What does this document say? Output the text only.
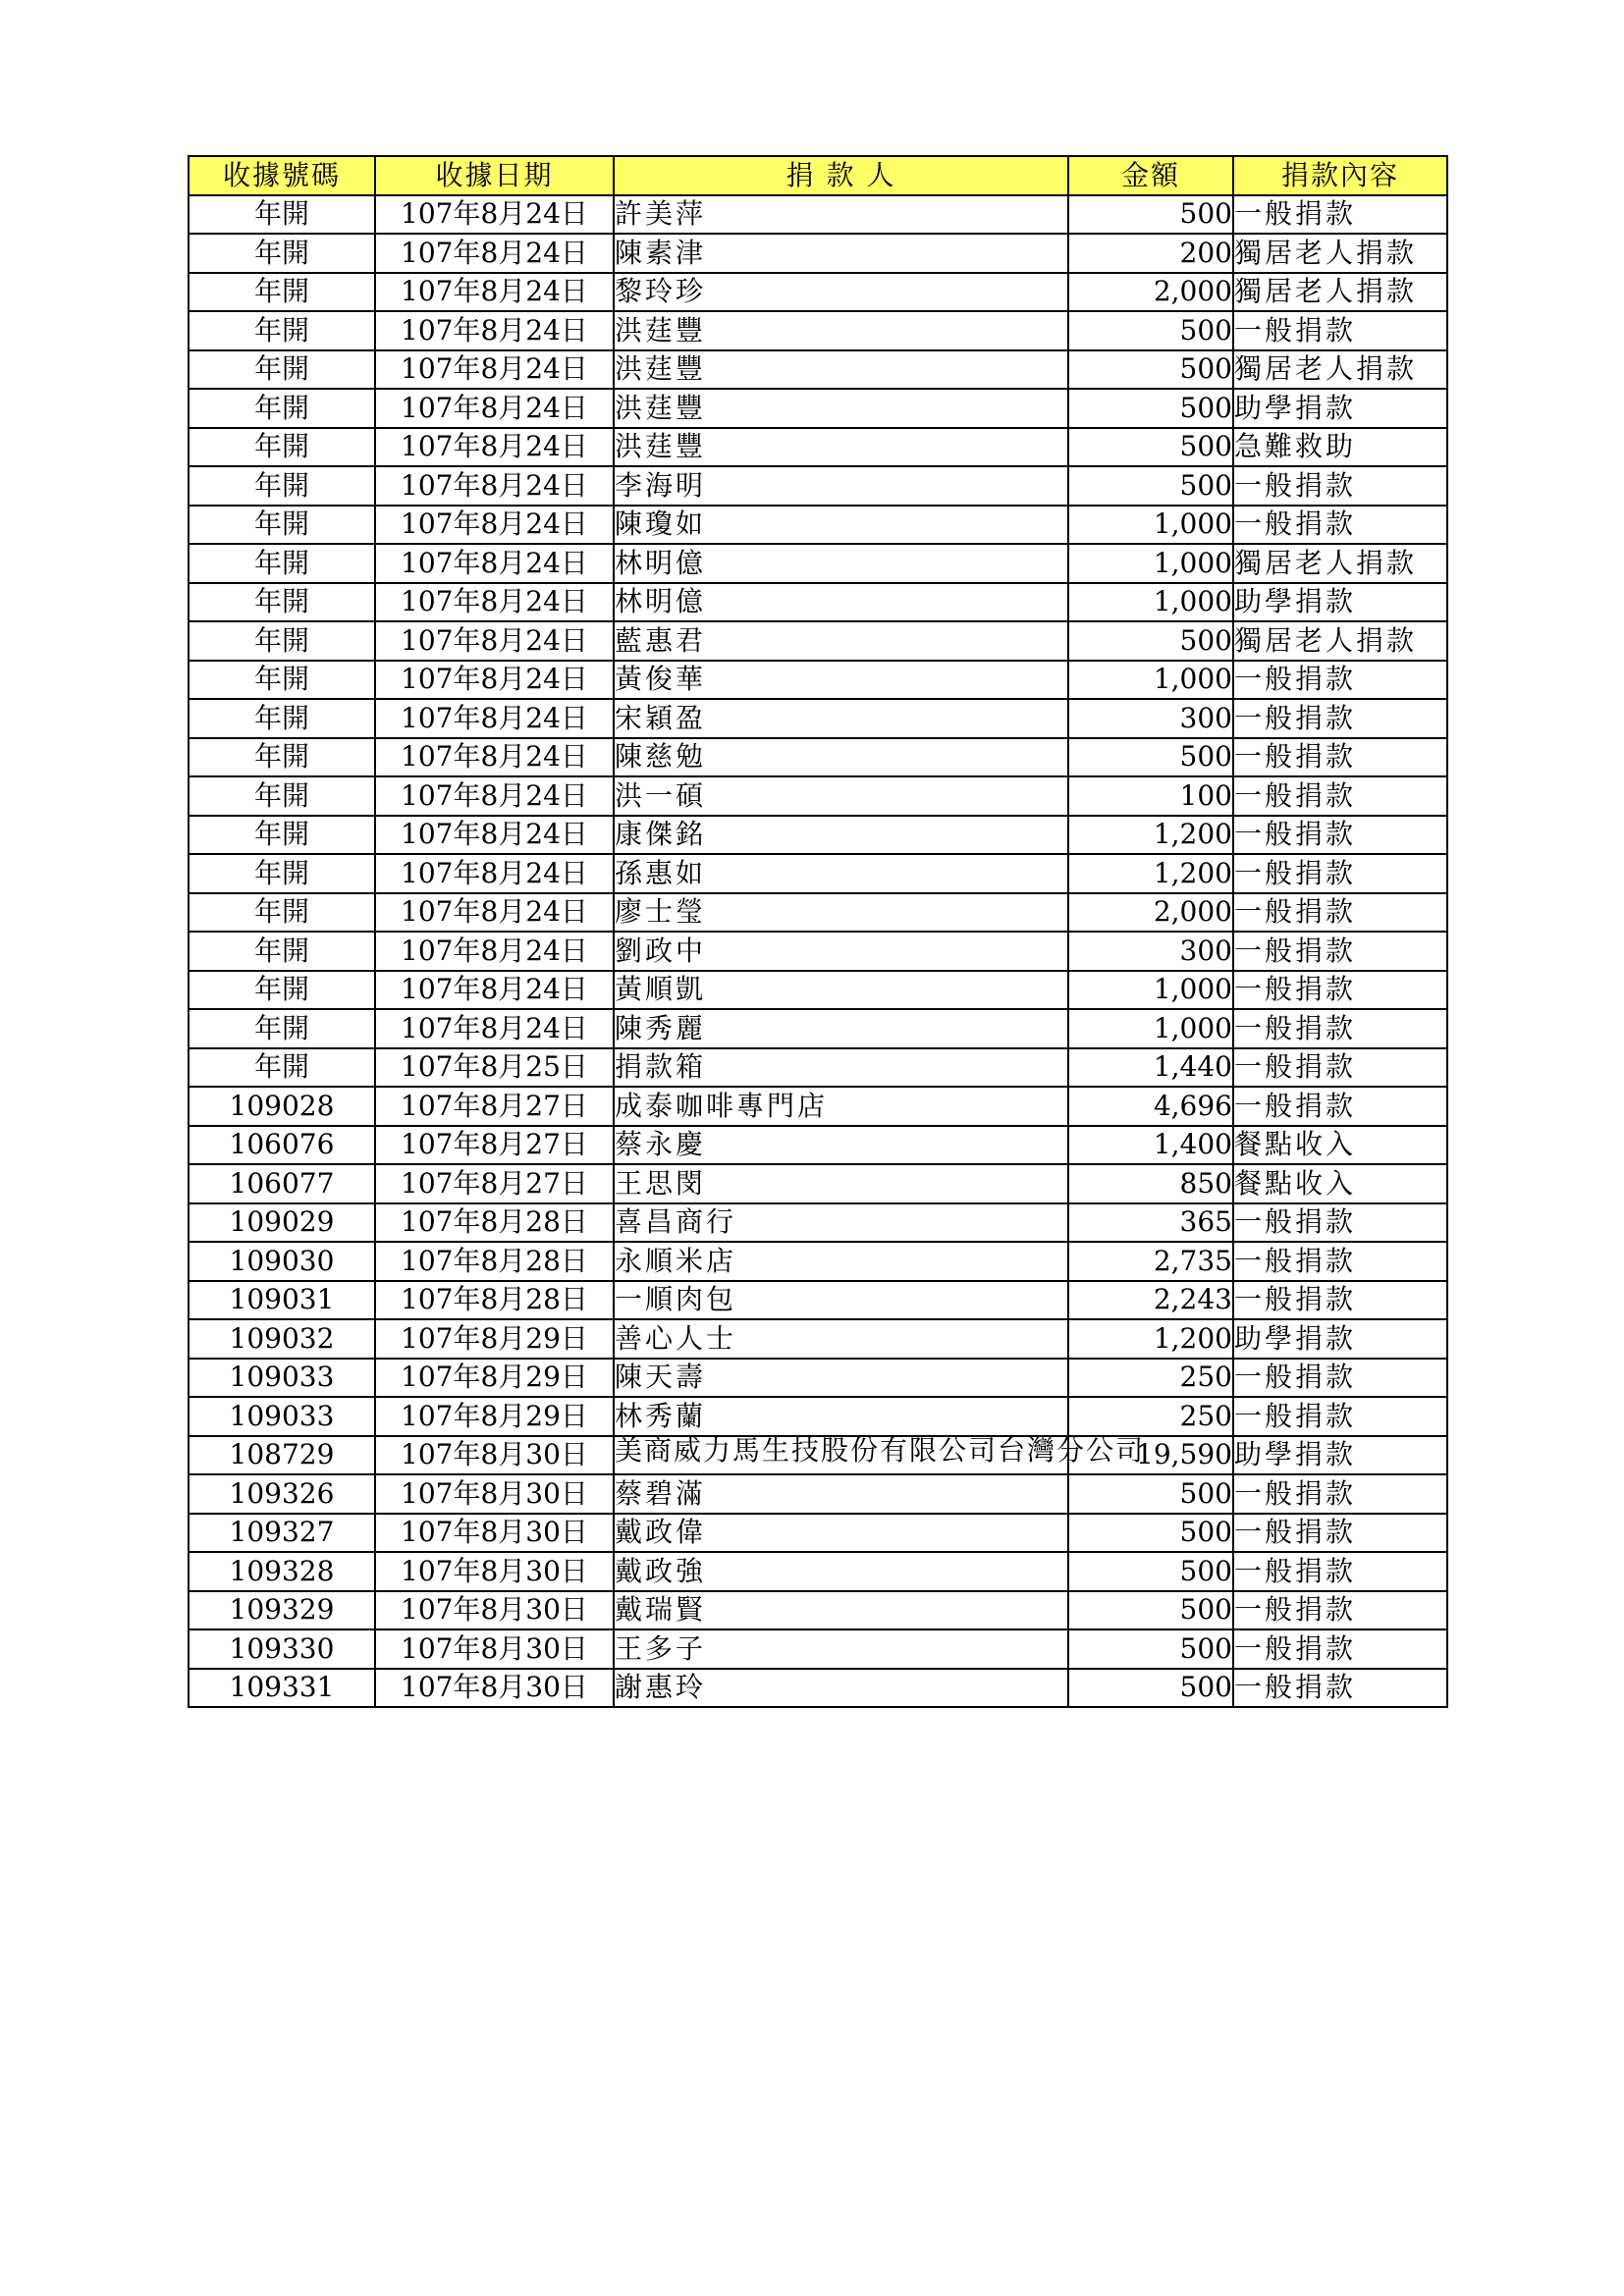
收據號碼	收據日期	捐 款 人	金額	捐款內容
年開	107年8月24日	許美萍	500	一般捐款
年開	107年8月24日	陳素津	200	獨居老人捐款
年開	107年8月24日	黎玲珍	2,000	獨居老人捐款
年開	107年8月24日	洪莛豐	500	一般捐款
年開	107年8月24日	洪莛豐	500	獨居老人捐款
年開	107年8月24日	洪莛豐	500	助學捐款
年開	107年8月24日	洪莛豐	500	急難救助
年開	107年8月24日	李海明	500	一般捐款
年開	107年8月24日	陳瓊如	1,000	一般捐款
年開	107年8月24日	林明億	1,000	獨居老人捐款
年開	107年8月24日	林明億	1,000	助學捐款
年開	107年8月24日	藍惠君	500	獨居老人捐款
年開	107年8月24日	黃俊華	1,000	一般捐款
年開	107年8月24日	宋穎盈	300	一般捐款
年開	107年8月24日	陳慈勉	500	一般捐款
年開	107年8月24日	洪一碩	100	一般捐款
年開	107年8月24日	康傑銘	1,200	一般捐款
年開	107年8月24日	孫惠如	1,200	一般捐款
年開	107年8月24日	廖士瑩	2,000	一般捐款
年開	107年8月24日	劉政中	300	一般捐款
年開	107年8月24日	黃順凱	1,000	一般捐款
年開	107年8月24日	陳秀麗	1,000	一般捐款
年開	107年8月25日	捐款箱	1,440	一般捐款
109028	107年8月27日	成泰咖啡專門店	4,696	一般捐款
106076	107年8月27日	蔡永慶	1,400	餐點收入
106077	107年8月27日	王思閔	850	餐點收入
109029	107年8月28日	喜昌商行	365	一般捐款
109030	107年8月28日	永順米店	2,735	一般捐款
109031	107年8月28日	一順肉包	2,243	一般捐款
109032	107年8月29日	善心人士	1,200	助學捐款
109033	107年8月29日	陳天壽	250	一般捐款
109033	107年8月29日	林秀蘭	250	一般捐款
108729	107年8月30日	美商威力馬生技股份有限公司台灣分公司	19,590	助學捐款
109326	107年8月30日	蔡碧滿	500	一般捐款
109327	107年8月30日	戴政偉	500	一般捐款
109328	107年8月30日	戴政強	500	一般捐款
109329	107年8月30日	戴瑞賢	500	一般捐款
109330	107年8月30日	王多子	500	一般捐款
109331	107年8月30日	謝惠玲	500	一般捐款
